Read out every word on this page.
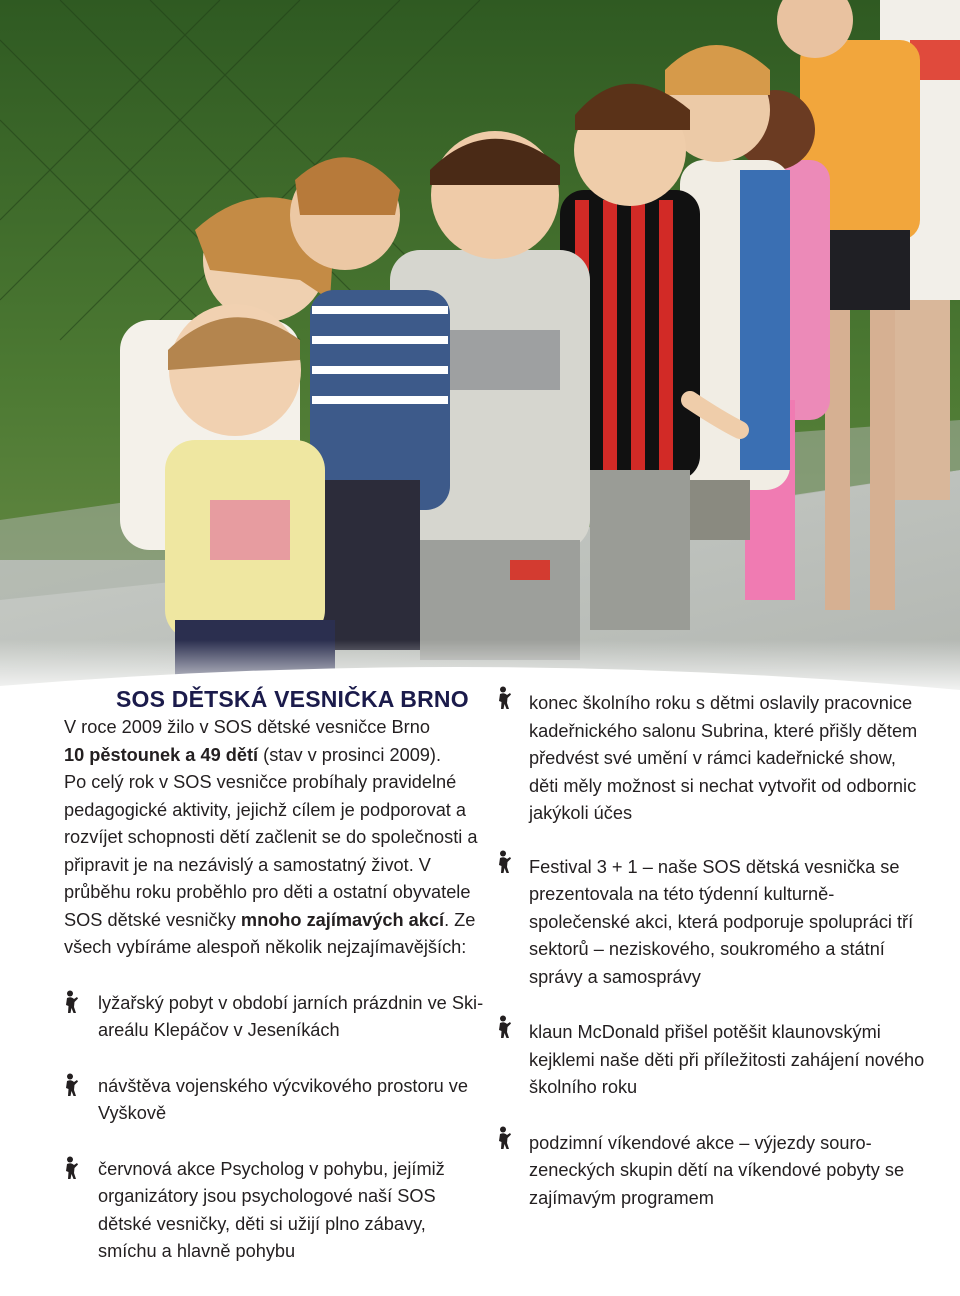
SOS DĚTSKÁ VESNIČKA BRNO

V roce 2009 žilo v SOS dětské vesničce Brno
10 pěstounek a 49 dětí (stav v prosinci 2009).
Po celý rok v SOS vesničce probíhaly pravidelné pedagogické aktivity, jejichž cílem je podporovat a rozvíjet schopnosti dětí začlenit se do společnosti a připravit je na nezávislý a samostatný život. V průběhu roku proběhlo pro děti a ostatní obyvatele SOS dětské vesničky mnoho zajímavých akcí. Ze všech vybíráme alespoň několik nejzajímavějších:

lyžařský pobyt v období jarních prázdnin ve Ski-areálu Klepáčov v Jeseníkách

návštěva vojenského výcvikového prostoru ve Vyškově

červnová akce Psycholog v pohybu, jejímiž organizátory jsou psychologové naší SOS dětské vesničky, děti si užijí plno zábavy, smíchu a hlavně pohybu

konec školního roku s dětmi oslavily pracovnice kadeřnického salonu Subrina, které přišly dětem předvést své umění v rámci kadeřnické show, děti měly možnost si nechat vytvořit od odbornic jakýkoli účes

Festival 3 + 1 – naše SOS dětská vesnička se prezentovala na této týdenní kulturněspolečenské akci, která podporuje spolupráci tří sektorů – neziskového, soukromého a státní správy a samosprávy

klaun McDonald přišel potěšit klaunovskými kejklemi naše děti při příležitosti zahájení nového školního roku

podzimní víkendové akce – výjezdy sourozeneckých skupin dětí na víkendové pobyty se zajímavým programem
